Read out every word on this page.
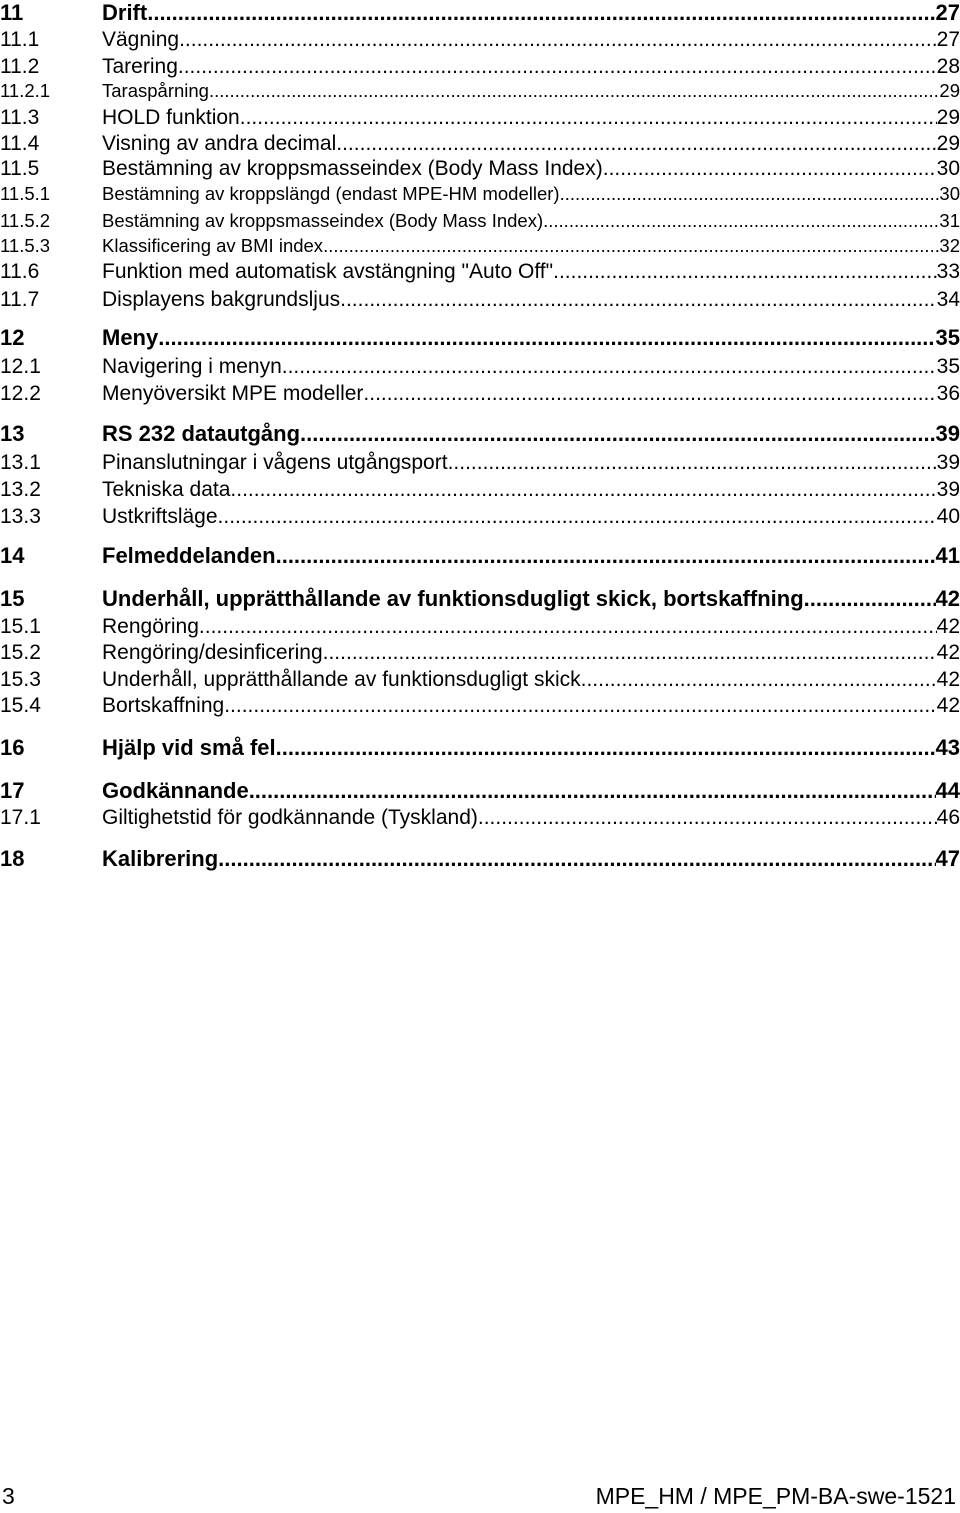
11	Drift .....	27
11.1	Vägning .....	27
11.2	Tarering .....	28
11.2.1	Taraspårning .....	29
11.3	HOLD funktion .....	29
11.4	Visning av andra decimal .....	29
11.5	Bestämning av kroppsmasseindex (Body Mass Index) .....	30
11.5.1	Bestämning av kroppslängd (endast MPE-HM modeller) .....	30
11.5.2	Bestämning av kroppsmasseindex (Body Mass Index) .....	31
11.5.3	Klassificering av BMI index .....	32
11.6	Funktion med automatisk avstängning "Auto Off" .....	33
11.7	Displayens bakgrundsljus .....	34
12	Meny .....	35
12.1	Navigering i menyn .....	35
12.2	Menyöversikt MPE modeller .....	36
13	RS 232 datautgång .....	39
13.1	Pinanslutningar i vågens utgångsport .....	39
13.2	Tekniska data .....	39
13.3	Ustkriftsläge .....	40
14	Felmeddelanden .....	41
15	Underhåll, upprätthållande av funktionsdugligt skick, bortskaffning .....	42
15.1	Rengöring .....	42
15.2	Rengöring/desinficering .....	42
15.3	Underhåll, upprätthållande av funktionsdugligt skick .....	42
15.4	Bortskaffning .....	42
16	Hjälp vid små fel .....	43
17	Godkännande .....	44
17.1	Giltighetstid för godkännande (Tyskland) .....	46
18	Kalibrering .....	47
3	MPE_HM / MPE_PM-BA-swe-1521
